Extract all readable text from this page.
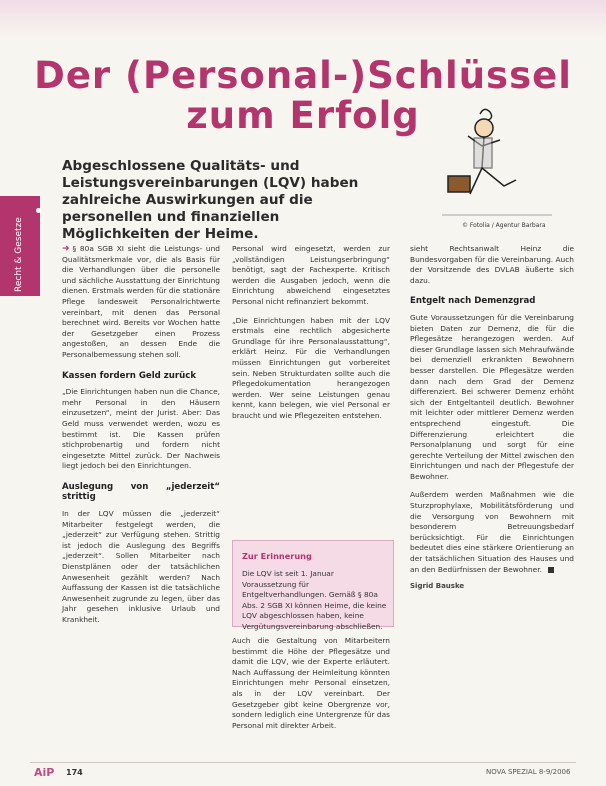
Der (Personal-)Schlüssel
zum Erfolg
Abgeschlossene Qualitäts- und Leistungsvereinbarungen (LQV) haben zahlreiche Auswirkungen auf die personellen und finanziellen Möglichkeiten der Heime.
Recht & Gesetze	© Fotolia / Agentur Barbara

➜ § 80a SGB XI sieht die Leistungs- und Qualitätsmerkmale vor, die als Basis für die Verhandlungen über die personelle und sächliche Ausstattung der Einrichtung dienen. Erstmals werden für die stationäre Pflege landesweit Personalrichtwerte vereinbart, mit denen das Personal berechnet wird. Bereits vor Wochen hatte der Gesetzgeber einen Prozess angestoßen, an dessen Ende die Personalbemessung stehen soll.

Kassen fordern Geld zurück

„Die Einrichtungen haben nun die Chance, mehr Personal in den Häusern einzusetzen“, meint der Jurist. Aber: Das Geld muss verwendet werden, wozu es bestimmt ist. Die Kassen prüfen stichprobenartig und fordern nicht eingesetzte Mittel zurück. Der Nachweis liegt jedoch bei den Einrichtungen.

Auslegung von „jederzeit“ strittig

In der LQV müssen die „jederzeit“ Mitarbeiter festgelegt werden, die „jederzeit“ zur Verfügung stehen. Strittig ist jedoch die Auslegung des Begriffs „jederzeit“. Sollen Mitarbeiter nach Dienstplänen oder der tatsächlichen Anwesenheit gezählt werden? Nach Auffassung der Kassen ist die tatsächliche Anwesenheit zugrunde zu legen, über das Jahr gesehen inklusive Urlaub und Krankheit.

Personal wird eingesetzt, werden zur „vollständigen Leistungserbringung“ benötigt, sagt der Fachexperte. Kritisch werden die Ausgaben jedoch, wenn die Einrichtung abweichend eingesetztes Personal nicht refinanziert bekommt.

„Die Einrichtungen haben mit der LQV erstmals eine rechtlich abgesicherte Grundlage für ihre Personalausstattung“, erklärt Heinz. Für die Verhandlungen müssen Einrichtungen gut vorbereitet sein. Neben Strukturdaten sollte auch die Pflegedokumentation herangezogen werden. Wer seine Leistungen genau kennt, kann belegen, wie viel Personal er braucht und wie Pflegezeiten entstehen.

Zur Erinnerung
Die LQV ist seit 1. Januar Voraussetzung für Entgeltverhandlungen. Gemäß § 80a Abs. 2 SGB XI können Heime, die keine LQV abgeschlossen haben, keine Vergütungsvereinbarung abschließen.

Auch die Gestaltung von Mitarbeitern bestimmt die Höhe der Pflegesätze und damit die LQV, wie der Experte erläutert. Nach Auffassung der Heimleitung könnten Einrichtungen mehr Personal einsetzen, als in der LQV vereinbart. Der Gesetzgeber gibt keine Obergrenze vor, sondern lediglich eine Untergrenze für das Personal mit direkter Arbeit.

sieht Rechtsanwalt Heinz die Bundesvorgaben für die Vereinbarung. Auch der Vorsitzende des DVLAB äußerte sich dazu.

Entgelt nach Demenzgrad

Gute Voraussetzungen für die Vereinbarung bieten Daten zur Demenz, die für die Pflegesätze herangezogen werden. Auf dieser Grundlage lassen sich Mehraufwände bei demenziell erkrankten Bewohnern besser darstellen. Die Pflegesätze werden dann nach dem Grad der Demenz differenziert. Bei schwerer Demenz erhöht sich der Entgeltanteil deutlich. Bewohner mit leichter oder mittlerer Demenz werden entsprechend eingestuft. Die Differenzierung erleichtert die Personalplanung und sorgt für eine gerechte Verteilung der Mittel zwischen den Einrichtungen und nach der Pflegestufe der Bewohner.

Außerdem werden Maßnahmen wie die Sturzprophylaxe, Mobilitätsförderung und die Versorgung von Bewohnern mit besonderem Betreuungsbedarf berücksichtigt. Für die Einrichtungen bedeutet dies eine stärkere Orientierung an der tatsächlichen Situation des Hauses und an den Bedürfnissen der Bewohner.

Sigrid Bauske
AiP 174	NOVA SPEZIAL 8-9/2006
